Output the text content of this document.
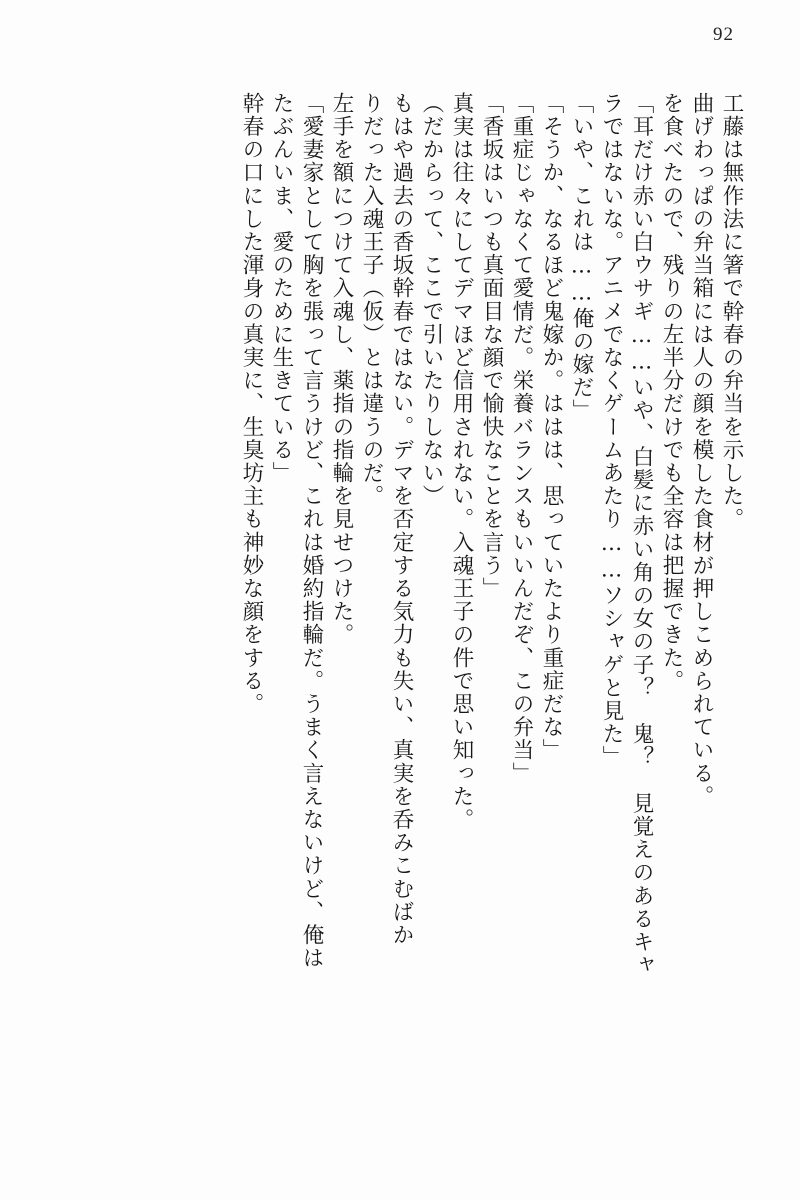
92
工藤は無作法に箸で幹春の弁当を示した。
曲げわっぱの弁当箱には人の顔を模した食材が押しこめられている。
を食べたので、残りの左半分だけでも全容は把握できた。
「耳だけ赤い白ウサギ……いや、白髪に赤い角の女の子？　鬼？　見覚えのあるキャ
ラではないな。アニメでなくゲームあたり……ソシャゲと見た」
「いや、これは……俺の嫁だ」
「そうか、なるほど鬼嫁か。ははは、思っていたより重症だな」
「重症じゃなくて愛情だ。栄養バランスもいいんだぞ、この弁当」
「香坂はいつも真面目な顔で愉快なことを言う」
真実は往々にしてデマほど信用されない。入魂王子の件で思い知った。
（だからって、ここで引いたりしない）
もはや過去の香坂幹春ではない。デマを否定する気力も失い、真実を呑みこむばか
りだった入魂王子（仮）とは違うのだ。
左手を額につけて入魂し、薬指の指輪を見せつけた。
「愛妻家として胸を張って言うけど、これは婚約指輪だ。うまく言えないけど、俺は
たぶんいま、愛のために生きている」
幹春の口にした渾身の真実に、生臭坊主も神妙な顔をする。
